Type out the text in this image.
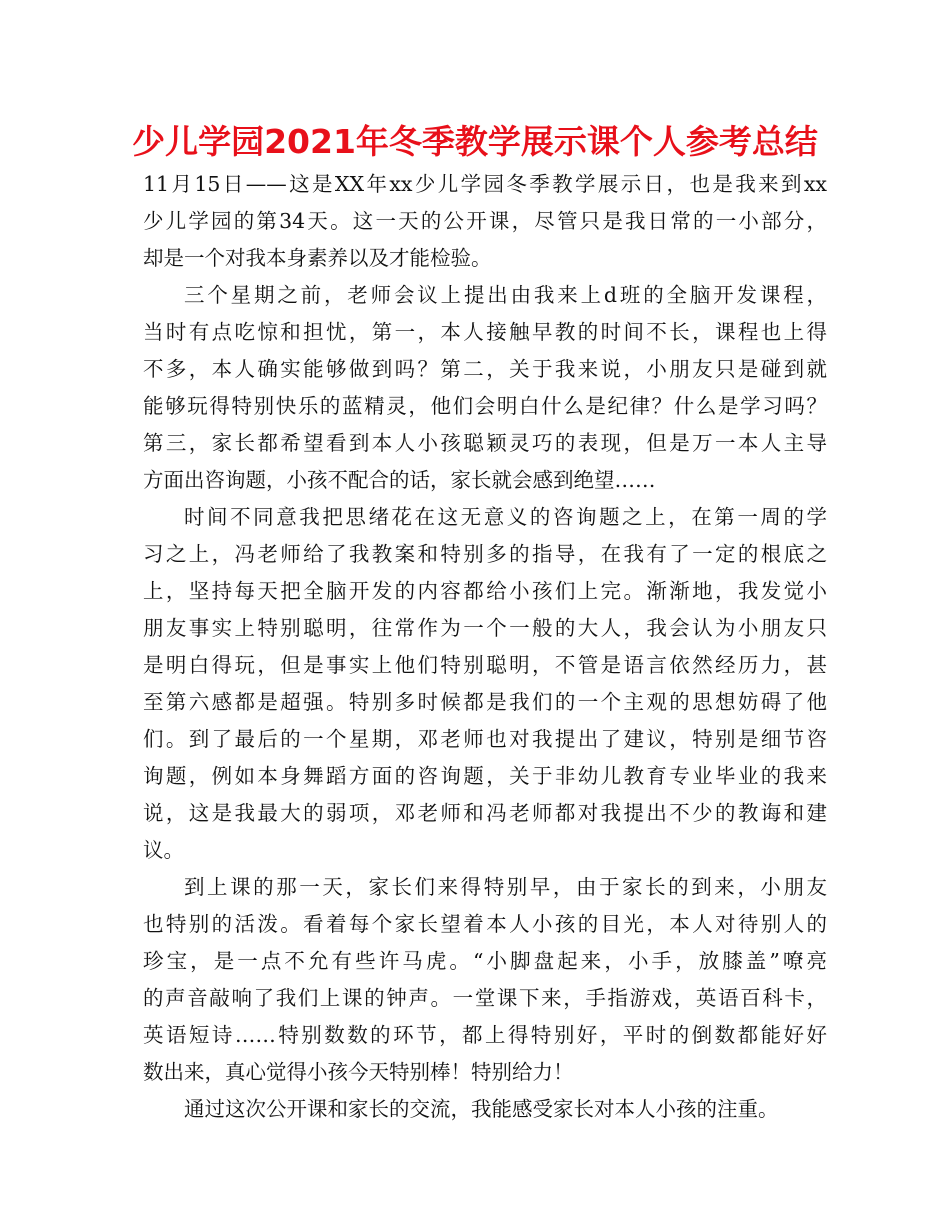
少儿学园2021年冬季教学展示课个人参考总结
11月15日——这是XX年xx少儿学园冬季教学展示日，也是我来到xx
少儿学园的第34天。这一天的公开课，尽管只是我日常的一小部分，
却是一个对我本身素养以及才能检验。
三个星期之前，老师会议上提出由我来上d班的全脑开发课程，
当时有点吃惊和担忧，第一，本人接触早教的时间不长，课程也上得
不多，本人确实能够做到吗？第二，关于我来说，小朋友只是碰到就
能够玩得特别快乐的蓝精灵，他们会明白什么是纪律？什么是学习吗？
第三，家长都希望看到本人小孩聪颖灵巧的表现，但是万一本人主导
方面出咨询题，小孩不配合的话，家长就会感到绝望……
时间不同意我把思绪花在这无意义的咨询题之上，在第一周的学
习之上，冯老师给了我教案和特别多的指导，在我有了一定的根底之
上，坚持每天把全脑开发的内容都给小孩们上完。渐渐地，我发觉小
朋友事实上特别聪明，往常作为一个一般的大人，我会认为小朋友只
是明白得玩，但是事实上他们特别聪明，不管是语言依然经历力，甚
至第六感都是超强。特别多时候都是我们的一个主观的思想妨碍了他
们。到了最后的一个星期，邓老师也对我提出了建议，特别是细节咨
询题，例如本身舞蹈方面的咨询题，关于非幼儿教育专业毕业的我来
说，这是我最大的弱项，邓老师和冯老师都对我提出不少的教诲和建
议。
到上课的那一天，家长们来得特别早，由于家长的到来，小朋友
也特别的活泼。看着每个家长望着本人小孩的目光，本人对待别人的
珍宝，是一点不允有些许马虎。“小脚盘起来，小手，放膝盖”嘹亮
的声音敲响了我们上课的钟声。一堂课下来，手指游戏，英语百科卡，
英语短诗……特别数数的环节，都上得特别好，平时的倒数都能好好
数出来，真心觉得小孩今天特别棒！特别给力！
通过这次公开课和家长的交流，我能感受家长对本人小孩的注重。
